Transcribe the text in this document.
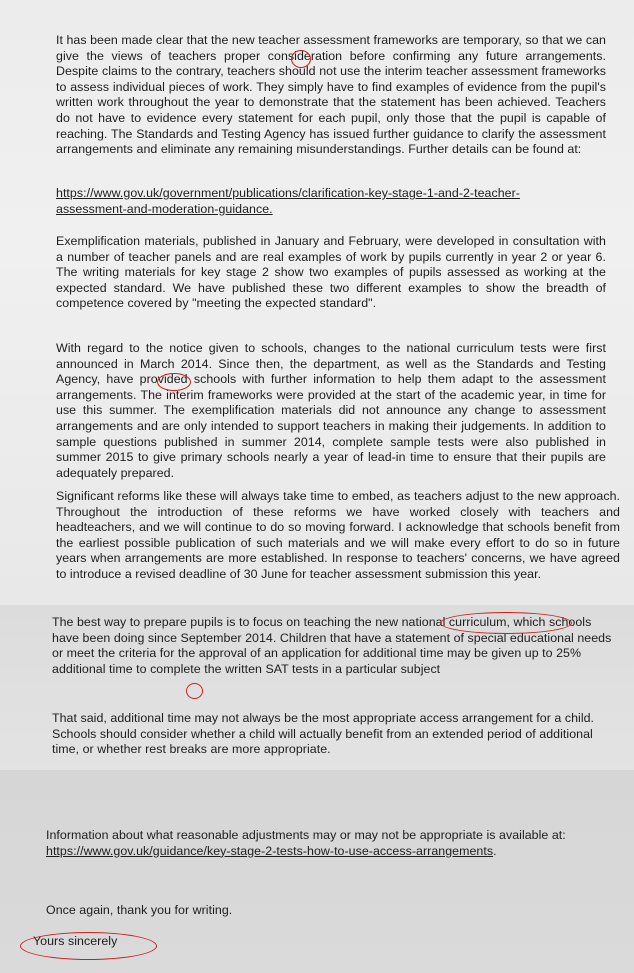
It has been made clear that the new teacher assessment frameworks are temporary, so that we can give the views of teachers proper consideration before confirming any future arrangements. Despite claims to the contrary, teachers should not use the interim teacher assessment frameworks to assess individual pieces of work. They simply have to find examples of evidence from the pupil's written work throughout the year to demonstrate that the statement has been achieved. Teachers do not have to evidence every statement for each pupil, only those that the pupil is capable of reaching. The Standards and Testing Agency has issued further guidance to clarify the assessment arrangements and eliminate any remaining misunderstandings. Further details can be found at:

https://www.gov.uk/government/publications/clarification-key-stage-1-and-2-teacher-assessment-and-moderation-guidance.

Exemplification materials, published in January and February, were developed in consultation with a number of teacher panels and are real examples of work by pupils currently in year 2 or year 6. The writing materials for key stage 2 show two examples of pupils assessed as working at the expected standard. We have published these two different examples to show the breadth of competence covered by "meeting the expected standard".

With regard to the notice given to schools, changes to the national curriculum tests were first announced in March 2014. Since then, the department, as well as the Standards and Testing Agency, have provided schools with further information to help them adapt to the assessment arrangements. The interim frameworks were provided at the start of the academic year, in time for use this summer. The exemplification materials did not announce any change to assessment arrangements and are only intended to support teachers in making their judgements. In addition to sample questions published in summer 2014, complete sample tests were also published in summer 2015 to give primary schools nearly a year of lead-in time to ensure that their pupils are adequately prepared.

Significant reforms like these will always take time to embed, as teachers adjust to the new approach. Throughout the introduction of these reforms we have worked closely with teachers and headteachers, and we will continue to do so moving forward. I acknowledge that schools benefit from the earliest possible publication of such materials and we will make every effort to do so in future years when arrangements are more established. In response to teachers' concerns, we have agreed to introduce a revised deadline of 30 June for teacher assessment submission this year.

The best way to prepare pupils is to focus on teaching the new national curriculum, which schools have been doing since September 2014. Children that have a statement of special educational needs or meet the criteria for the approval of an application for additional time may be given up to 25% additional time to complete the written SAT tests in a particular subject

That said, additional time may not always be the most appropriate access arrangement for a child. Schools should consider whether a child will actually benefit from an extended period of additional time, or whether rest breaks are more appropriate.

Information about what reasonable adjustments may or may not be appropriate is available at: https://www.gov.uk/guidance/key-stage-2-tests-how-to-use-access-arrangements.

Once again, thank you for writing.

Yours sincerely
